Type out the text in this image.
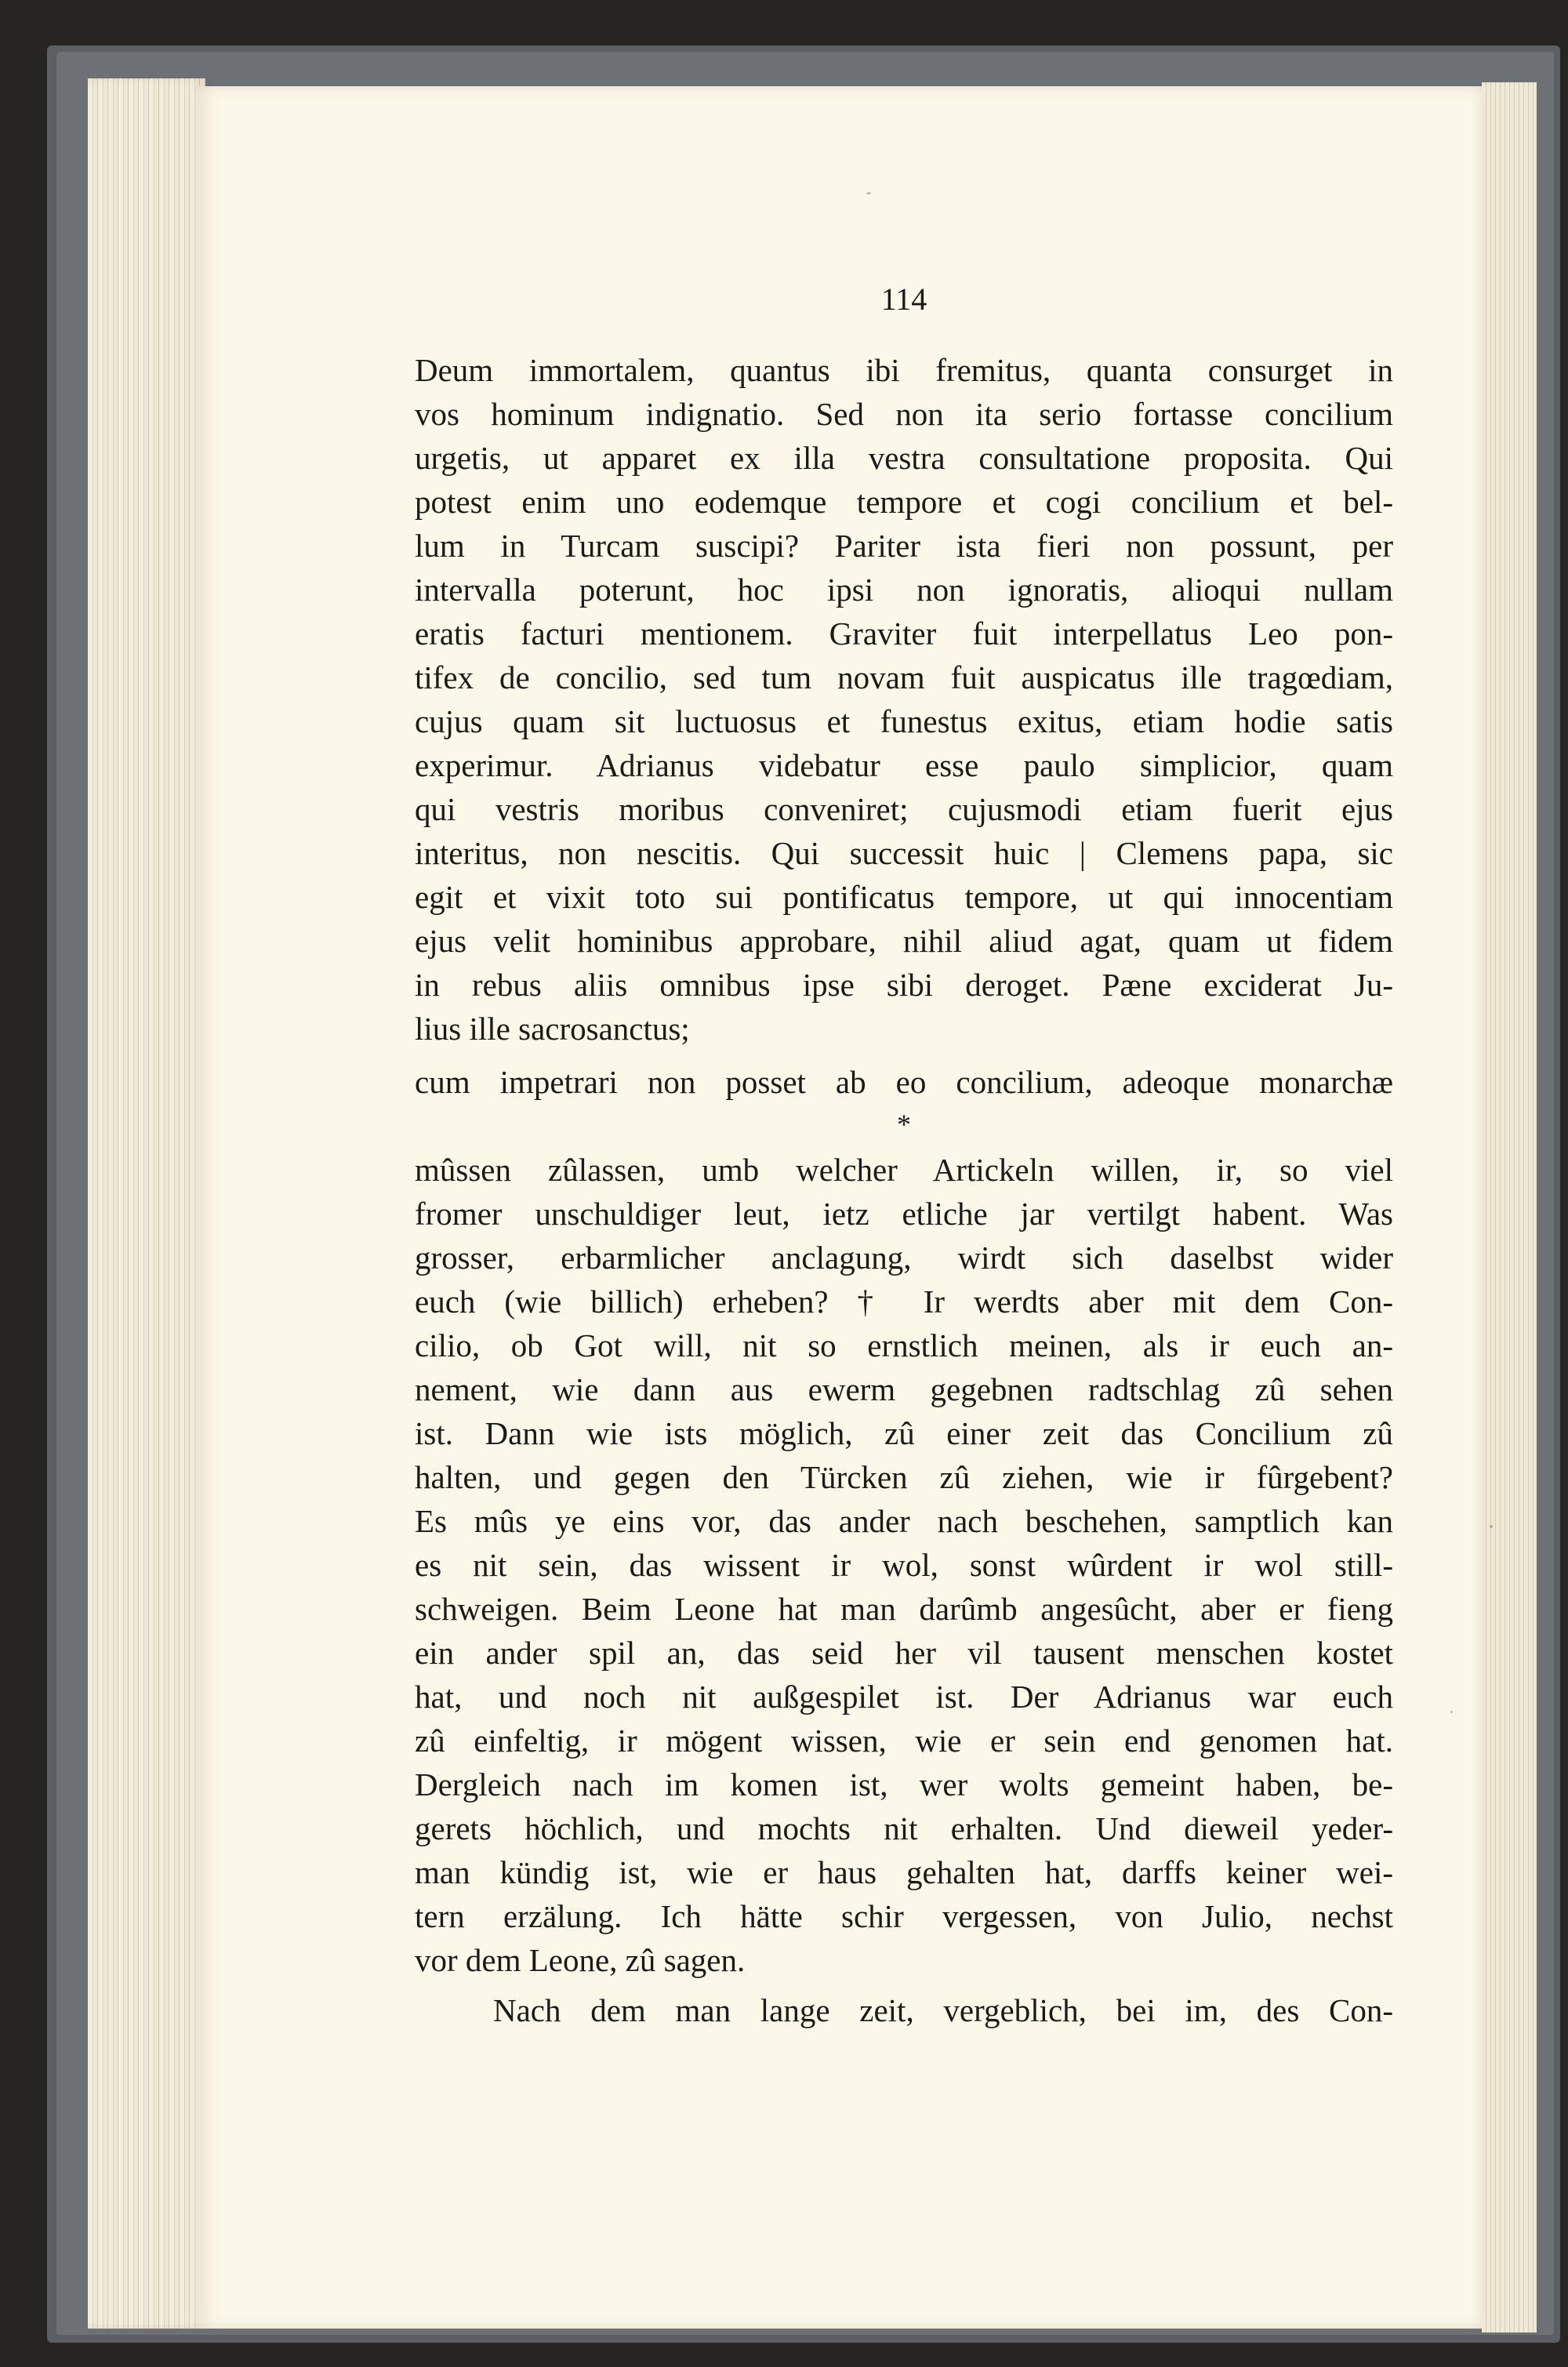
114
Deum immortalem, quantus ibi fremitus, quanta consurget in
vos hominum indignatio. Sed non ita serio fortasse concilium
urgetis, ut apparet ex illa vestra consultatione proposita. Qui
potest enim uno eodemque tempore et cogi concilium et bel-
lum in Turcam suscipi? Pariter ista fieri non possunt, per
intervalla poterunt, hoc ipsi non ignoratis, alioqui nullam
eratis facturi mentionem. Graviter fuit interpellatus Leo pon-
tifex de concilio, sed tum novam fuit auspicatus ille tragœdiam,
cujus quam sit luctuosus et funestus exitus, etiam hodie satis
experimur. Adrianus videbatur esse paulo simplicior, quam
qui vestris moribus conveniret; cujusmodi etiam fuerit ejus
interitus, non nescitis. Qui successit huic | Clemens papa, sic
egit et vixit toto sui pontificatus tempore, ut qui innocentiam
ejus velit hominibus approbare, nihil aliud agat, quam ut fidem
in rebus aliis omnibus ipse sibi deroget. Pæne exciderat Ju-
lius ille sacrosanctus;
cum impetrari non posset ab eo concilium, adeoque monarchæ
*
mûssen zûlassen, umb welcher Artickeln willen, ir, so viel
fromer unschuldiger leut, ietz etliche jar vertilgt habent. Was
grosser, erbarmlicher anclagung, wirdt sich daselbst wider
euch (wie billich) erheben? † Ir werdts aber mit dem Con-
cilio, ob Got will, nit so ernstlich meinen, als ir euch an-
nement, wie dann aus ewerm gegebnen radtschlag zû sehen
ist. Dann wie ists möglich, zû einer zeit das Concilium zû
halten, und gegen den Türcken zû ziehen, wie ir fûrgebent?
Es mûs ye eins vor, das ander nach beschehen, samptlich kan
es nit sein, das wissent ir wol, sonst wûrdent ir wol still-
schweigen. Beim Leone hat man darûmb angesûcht, aber er fieng
ein ander spil an, das seid her vil tausent menschen kostet
hat, und noch nit außgespilet ist. Der Adrianus war euch
zû einfeltig, ir mögent wissen, wie er sein end genomen hat.
Dergleich nach im komen ist, wer wolts gemeint haben, be-
gerets höchlich, und mochts nit erhalten. Und dieweil yeder-
man kündig ist, wie er haus gehalten hat, darffs keiner wei-
tern erzälung. Ich hätte schir vergessen, von Julio, nechst
vor dem Leone, zû sagen.
Nach dem man lange zeit, vergeblich, bei im, des Con-
